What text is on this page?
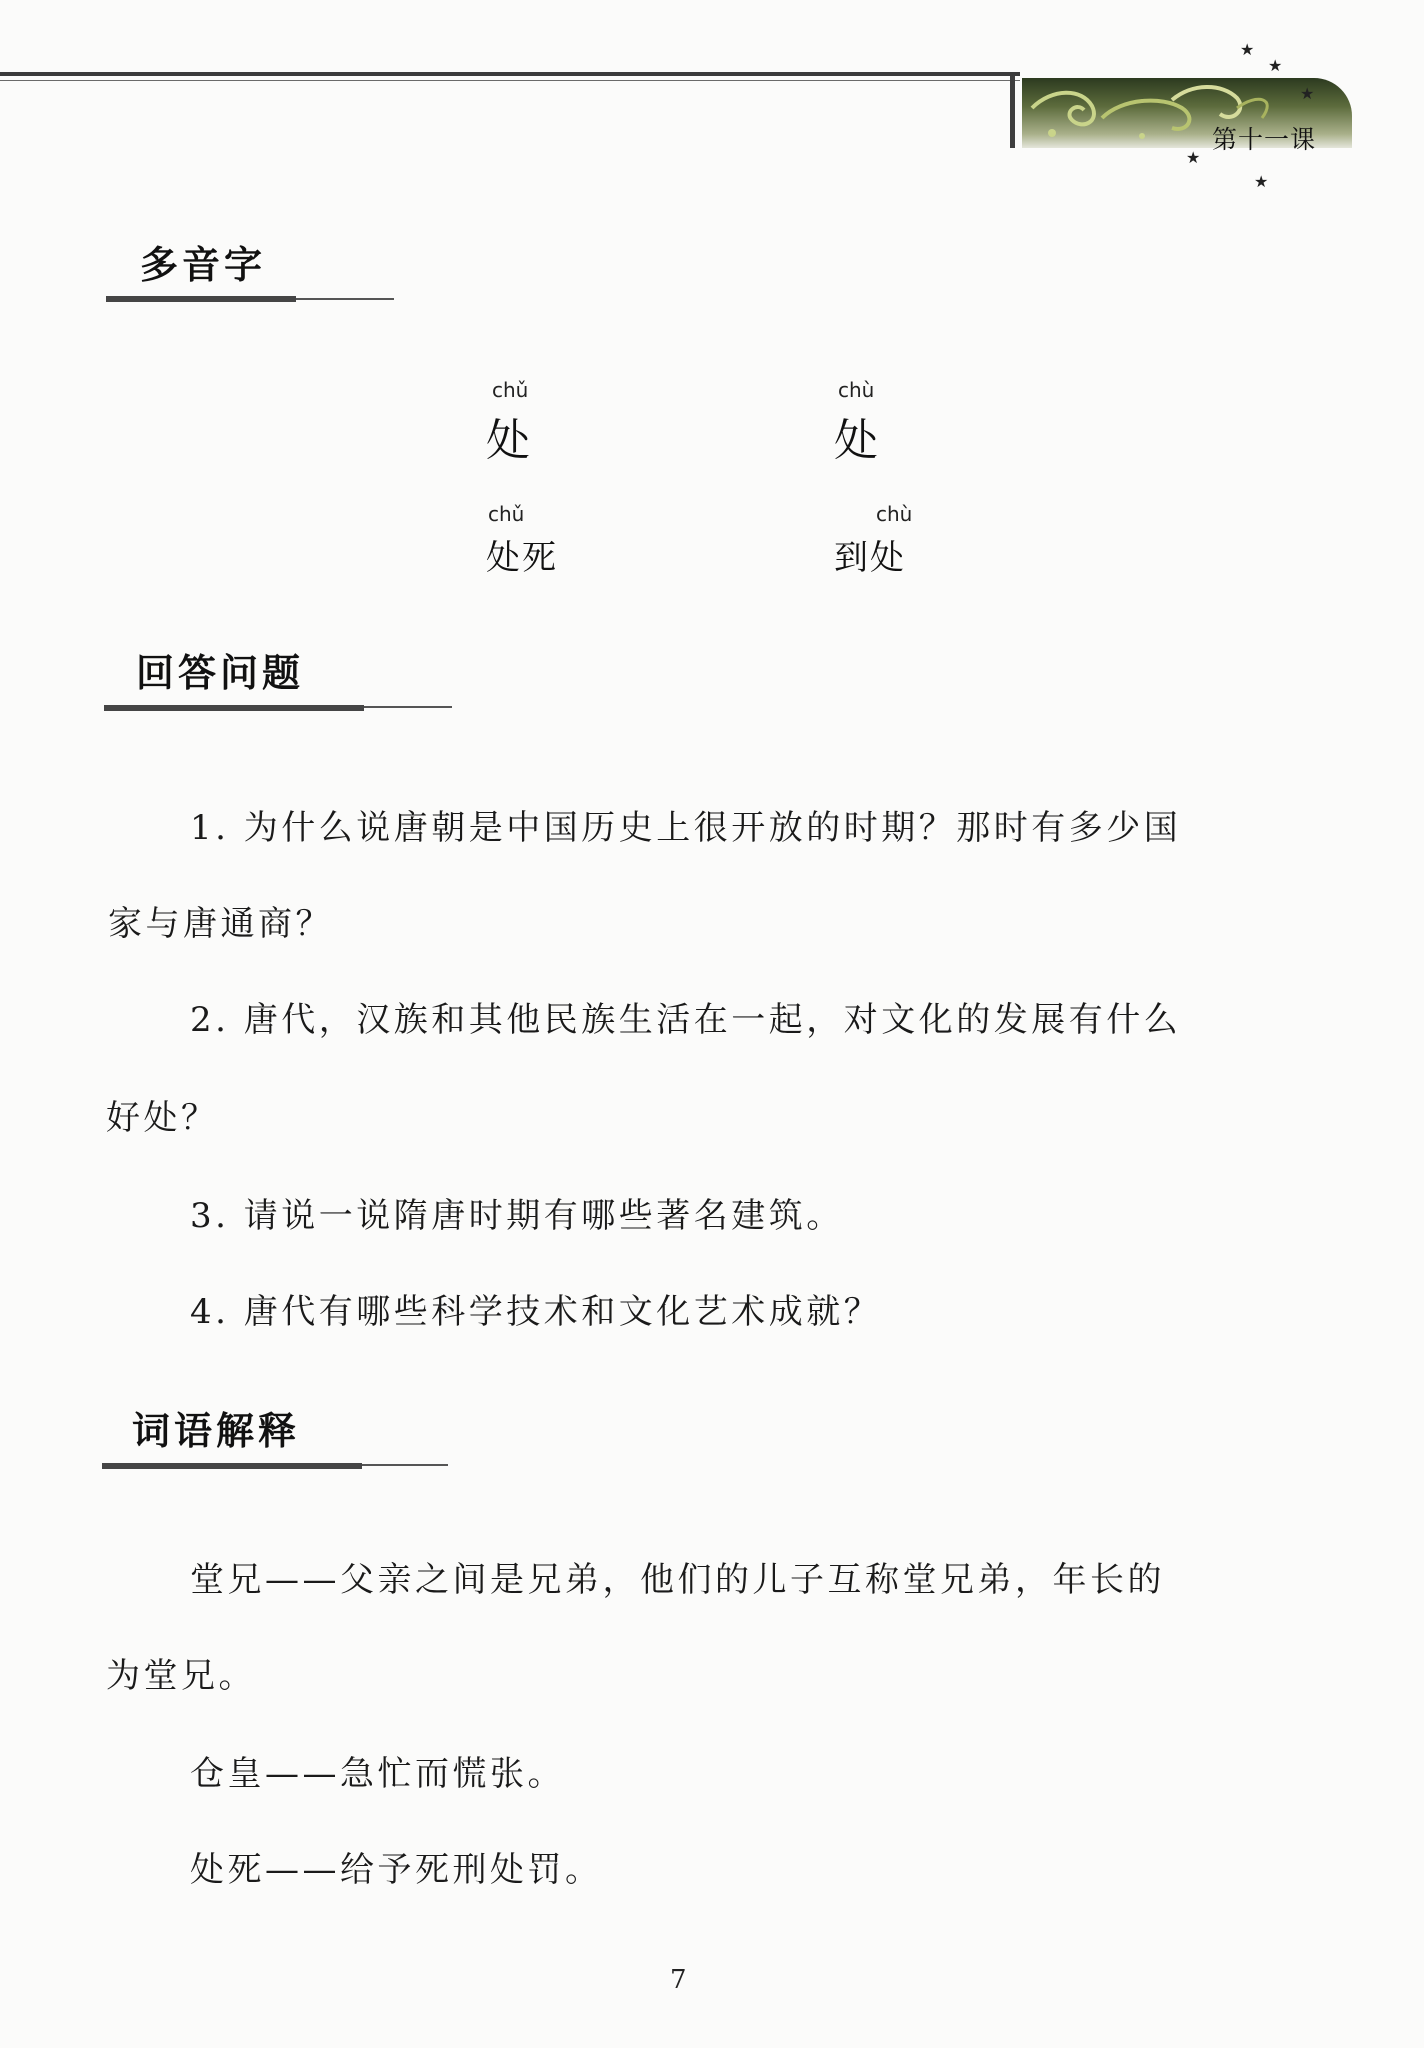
第十一课
★
★
★
★
★
多音字
chǔ
处
chù
处
chǔ
处死
chù
到处
回答问题
1. 为什么说唐朝是中国历史上很开放的时期？那时有多少国
家与唐通商？
2. 唐代，汉族和其他民族生活在一起，对文化的发展有什么
好处？
3. 请说一说隋唐时期有哪些著名建筑。
4. 唐代有哪些科学技术和文化艺术成就？
词语解释
堂兄——父亲之间是兄弟，他们的儿子互称堂兄弟，年长的
为堂兄。
仓皇——急忙而慌张。
处死——给予死刑处罚。
7
